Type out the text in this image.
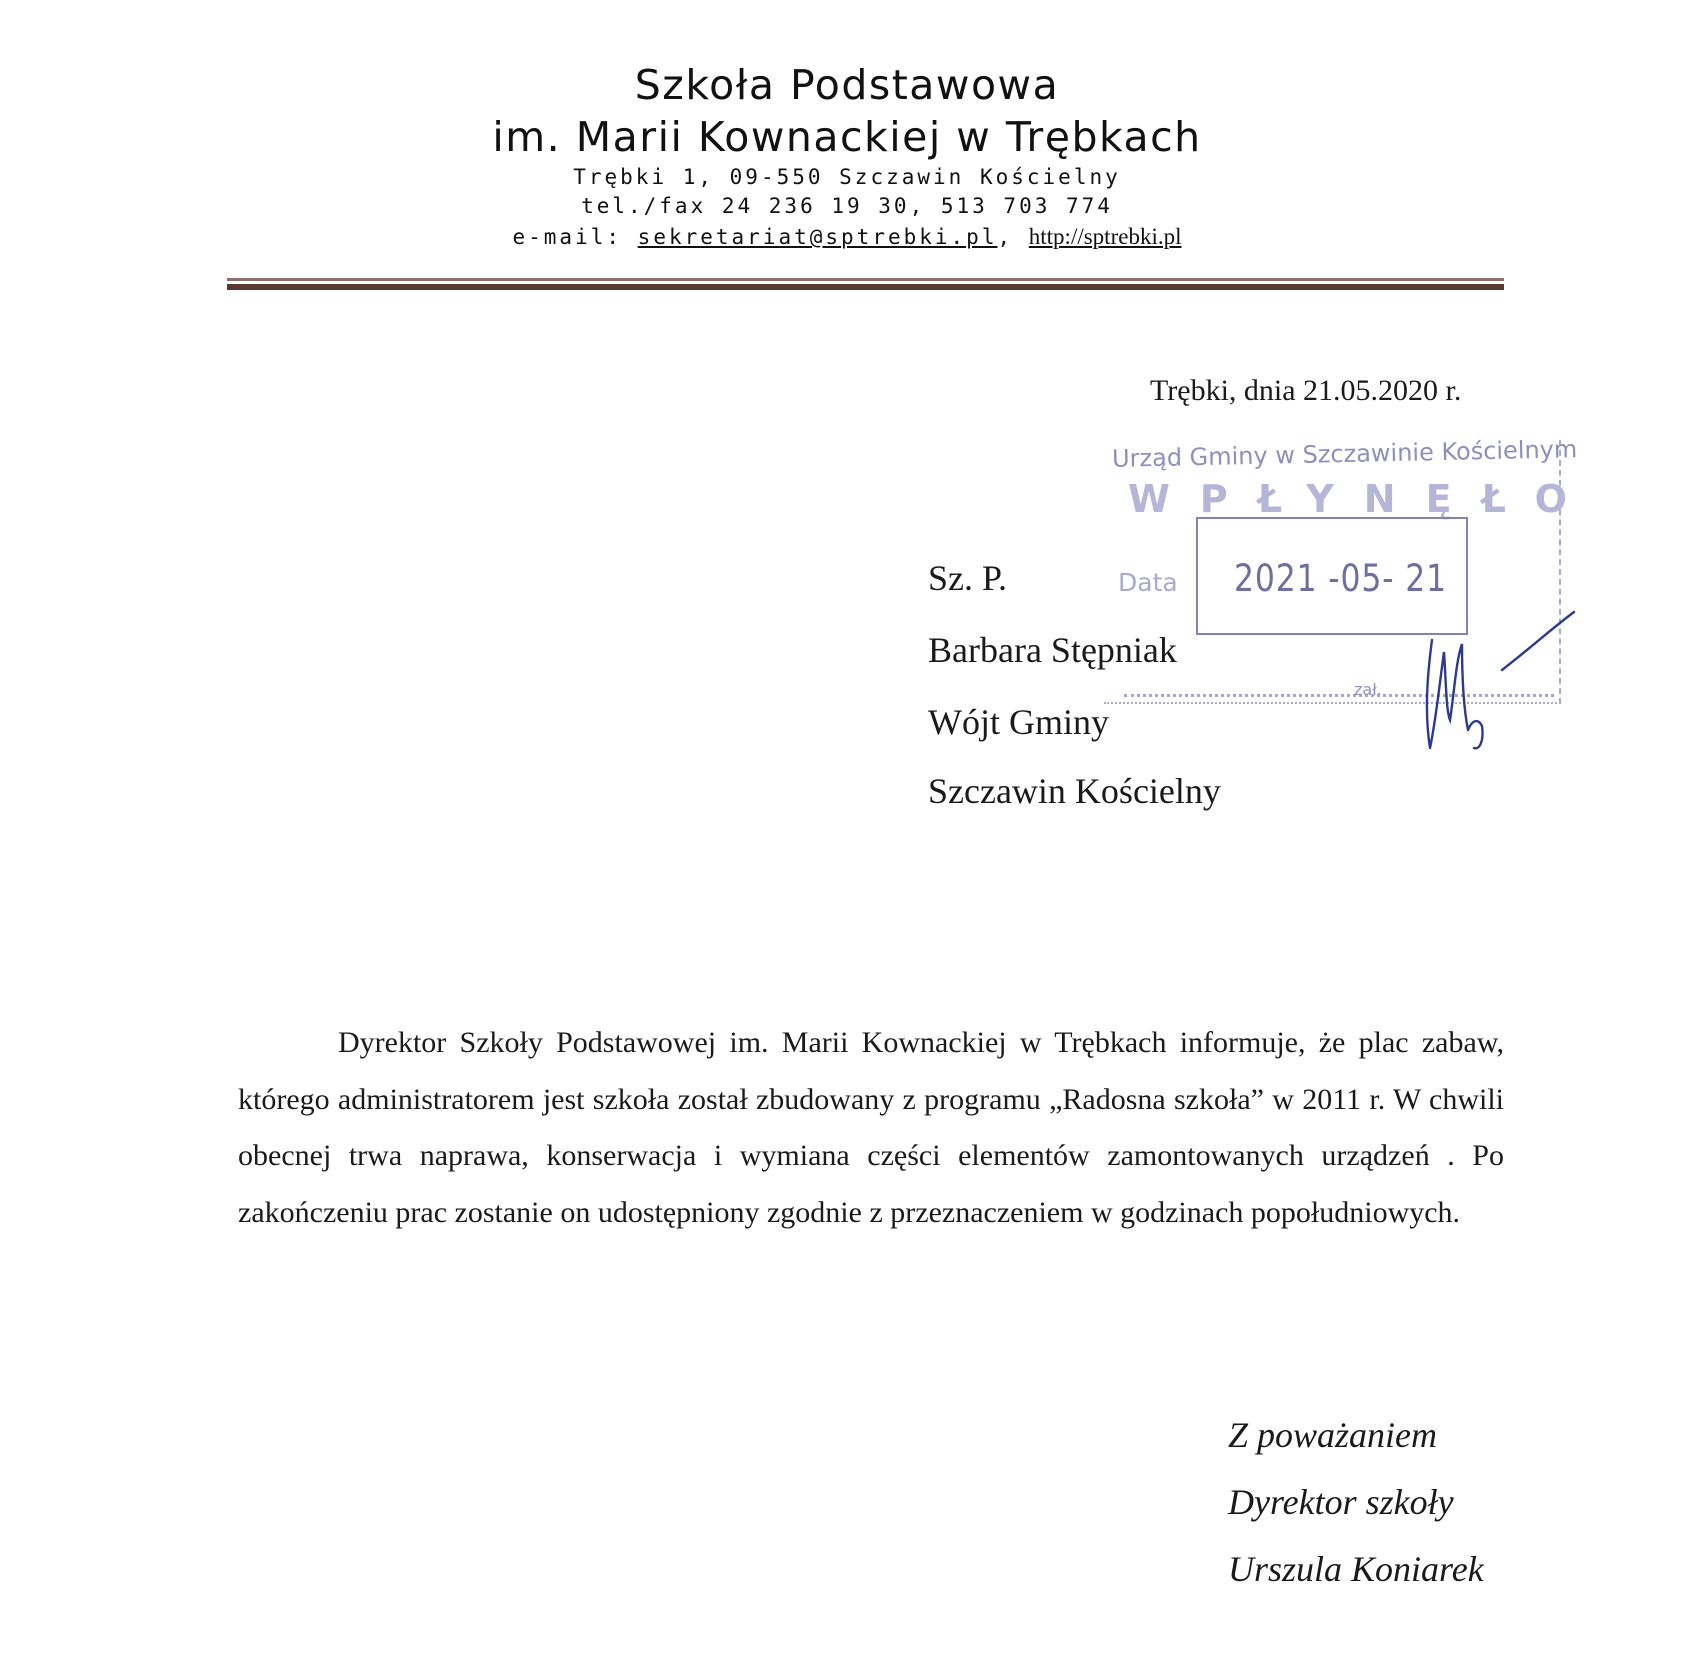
Szkoła Podstawowa
im. Marii Kownackiej w Trębkach
Trębki 1, 09-550 Szczawin Kościelny
tel./fax 24 236 19 30, 513 703 774
e-mail: sekretariat@sptrebki.pl, http://sptrebki.pl
Trębki, dnia 21.05.2020 r.
Urząd Gminy w Szczawinie Kościelnym
WPŁYNĘŁO
Data 2021 -05- 21
zał.
Sz. P.
Barbara Stępniak
Wójt Gminy
Szczawin Kościelny
Dyrektor Szkoły Podstawowej im. Marii Kownackiej w Trębkach informuje, że plac zabaw, którego administratorem jest szkoła został zbudowany z programu „Radosna szkoła” w 2011 r. W chwili obecnej trwa naprawa, konserwacja i wymiana części elementów zamontowanych urządzeń . Po zakończeniu prac zostanie on udostępniony zgodnie z przeznaczeniem w godzinach popołudniowych.
Z poważaniem
Dyrektor szkoły
Urszula Koniarek
